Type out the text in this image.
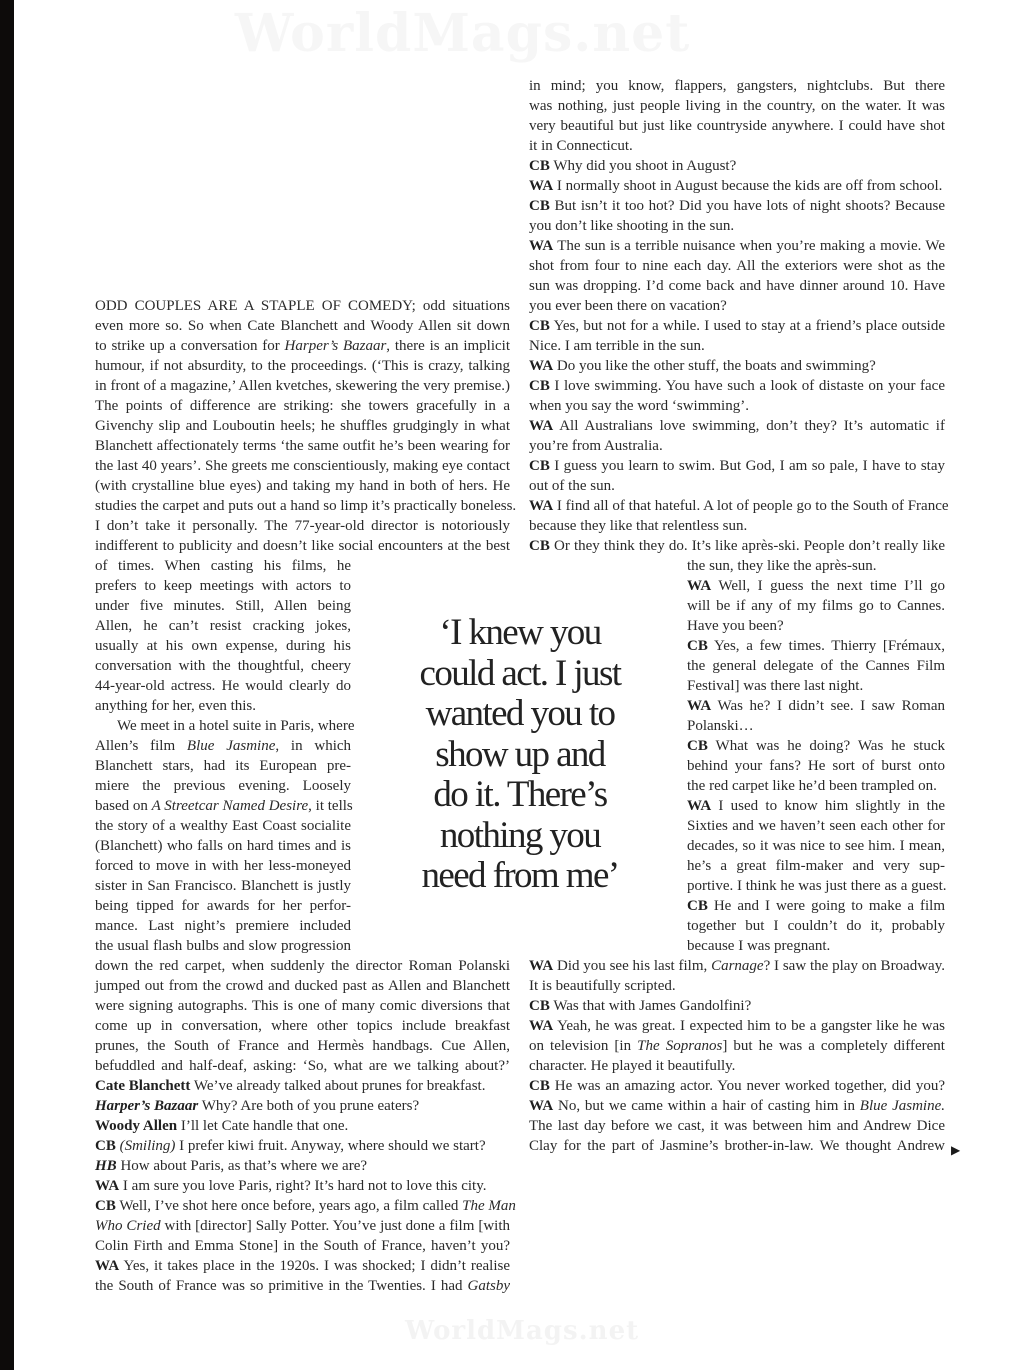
WorldMags.net
WorldMags.net
ODD COUPLES ARE A STAPLE OF COMEDY; odd situations
even more so. So when Cate Blanchett and Woody Allen sit down
to strike up a conversation for Harper’s Bazaar, there is an implicit
humour, if not absurdity, to the proceedings. (‘This is crazy, talking
in front of a magazine,’ Allen kvetches, skewering the very premise.)
The points of difference are striking: she towers gracefully in a
Givenchy slip and Louboutin heels; he shuffles grudgingly in what
Blanchett affectionately terms ‘the same outfit he’s been wearing for
the last 40 years’. She greets me conscientiously, making eye contact
(with crystalline blue eyes) and taking my hand in both of hers. He
studies the carpet and puts out a hand so limp it’s practically boneless.
I don’t take it personally. The 77-year-old director is notoriously
indifferent to publicity and doesn’t like social encounters at the best
of times. When casting his films, he
prefers to keep meetings with actors to
under five minutes. Still, Allen being
Allen, he can’t resist cracking jokes,
usually at his own expense, during his
conversation with the thoughtful, cheery
44-year-old actress. He would clearly do
anything for her, even this.
We meet in a hotel suite in Paris, where
Allen’s film Blue Jasmine, in which
Blanchett stars, had its European pre-
miere the previous evening. Loosely
based on A Streetcar Named Desire, it tells
the story of a wealthy East Coast socialite
(Blanchett) who falls on hard times and is
forced to move in with her less-moneyed
sister in San Francisco. Blanchett is justly
being tipped for awards for her perfor-
mance. Last night’s premiere included
the usual flash bulbs and slow progression
down the red carpet, when suddenly the director Roman Polanski
jumped out from the crowd and ducked past as Allen and Blanchett
were signing autographs. This is one of many comic diversions that
come up in conversation, where other topics include breakfast
prunes, the South of France and Hermès handbags. Cue Allen,
befuddled and half-deaf, asking: ‘So, what are we talking about?’
Cate Blanchett We’ve already talked about prunes for breakfast.
Harper’s Bazaar Why? Are both of you prune eaters?
Woody Allen I’ll let Cate handle that one.
CB (Smiling) I prefer kiwi fruit. Anyway, where should we start?
HB How about Paris, as that’s where we are?
WA I am sure you love Paris, right? It’s hard not to love this city.
CB Well, I’ve shot here once before, years ago, a film called The Man
Who Cried with [director] Sally Potter. You’ve just done a film [with
Colin Firth and Emma Stone] in the South of France, haven’t you?
WA Yes, it takes place in the 1920s. I was shocked; I didn’t realise
the South of France was so primitive in the Twenties. I had Gatsby
‘I knew you
could act. I just
wanted you to
show up and
do it. There’s
nothing you
need from me’
in mind; you know, flappers, gangsters, nightclubs. But there
was nothing, just people living in the country, on the water. It was
very beautiful but just like countryside anywhere. I could have shot
it in Connecticut.
CB Why did you shoot in August?
WA I normally shoot in August because the kids are off from school.
CB But isn’t it too hot? Did you have lots of night shoots? Because
you don’t like shooting in the sun.
WA The sun is a terrible nuisance when you’re making a movie. We
shot from four to nine each day. All the exteriors were shot as the
sun was dropping. I’d come back and have dinner around 10. Have
you ever been there on vacation?
CB Yes, but not for a while. I used to stay at a friend’s place outside
Nice. I am terrible in the sun.
WA Do you like the other stuff, the boats and swimming?
CB I love swimming. You have such a look of distaste on your face
when you say the word ‘swimming’.
WA All Australians love swimming, don’t they? It’s automatic if
you’re from Australia.
CB I guess you learn to swim. But God, I am so pale, I have to stay
out of the sun.
WA I find all of that hateful. A lot of people go to the South of France
because they like that relentless sun.
CB Or they think they do. It’s like après-ski. People don’t really like
the sun, they like the après-sun.
WA Well, I guess the next time I’ll go
will be if any of my films go to Cannes.
Have you been?
CB Yes, a few times. Thierry [Frémaux,
the general delegate of the Cannes Film
Festival] was there last night.
WA Was he? I didn’t see. I saw Roman
Polanski…
CB What was he doing? Was he stuck
behind your fans? He sort of burst onto
the red carpet like he’d been trampled on.
WA I used to know him slightly in the
Sixties and we haven’t seen each other for
decades, so it was nice to see him. I mean,
he’s a great film-maker and very sup-
portive. I think he was just there as a guest.
CB He and I were going to make a film
together but I couldn’t do it, probably
because I was pregnant.
WA Did you see his last film, Carnage? I saw the play on Broadway.
It is beautifully scripted.
CB Was that with James Gandolfini?
WA Yeah, he was great. I expected him to be a gangster like he was
on television [in The Sopranos] but he was a completely different
character. He played it beautifully.
CB He was an amazing actor. You never worked together, did you?
WA No, but we came within a hair of casting him in Blue Jasmine.
The last day before we cast, it was between him and Andrew Dice
Clay for the part of Jasmine’s brother-in-law. We thought Andrew ▶
